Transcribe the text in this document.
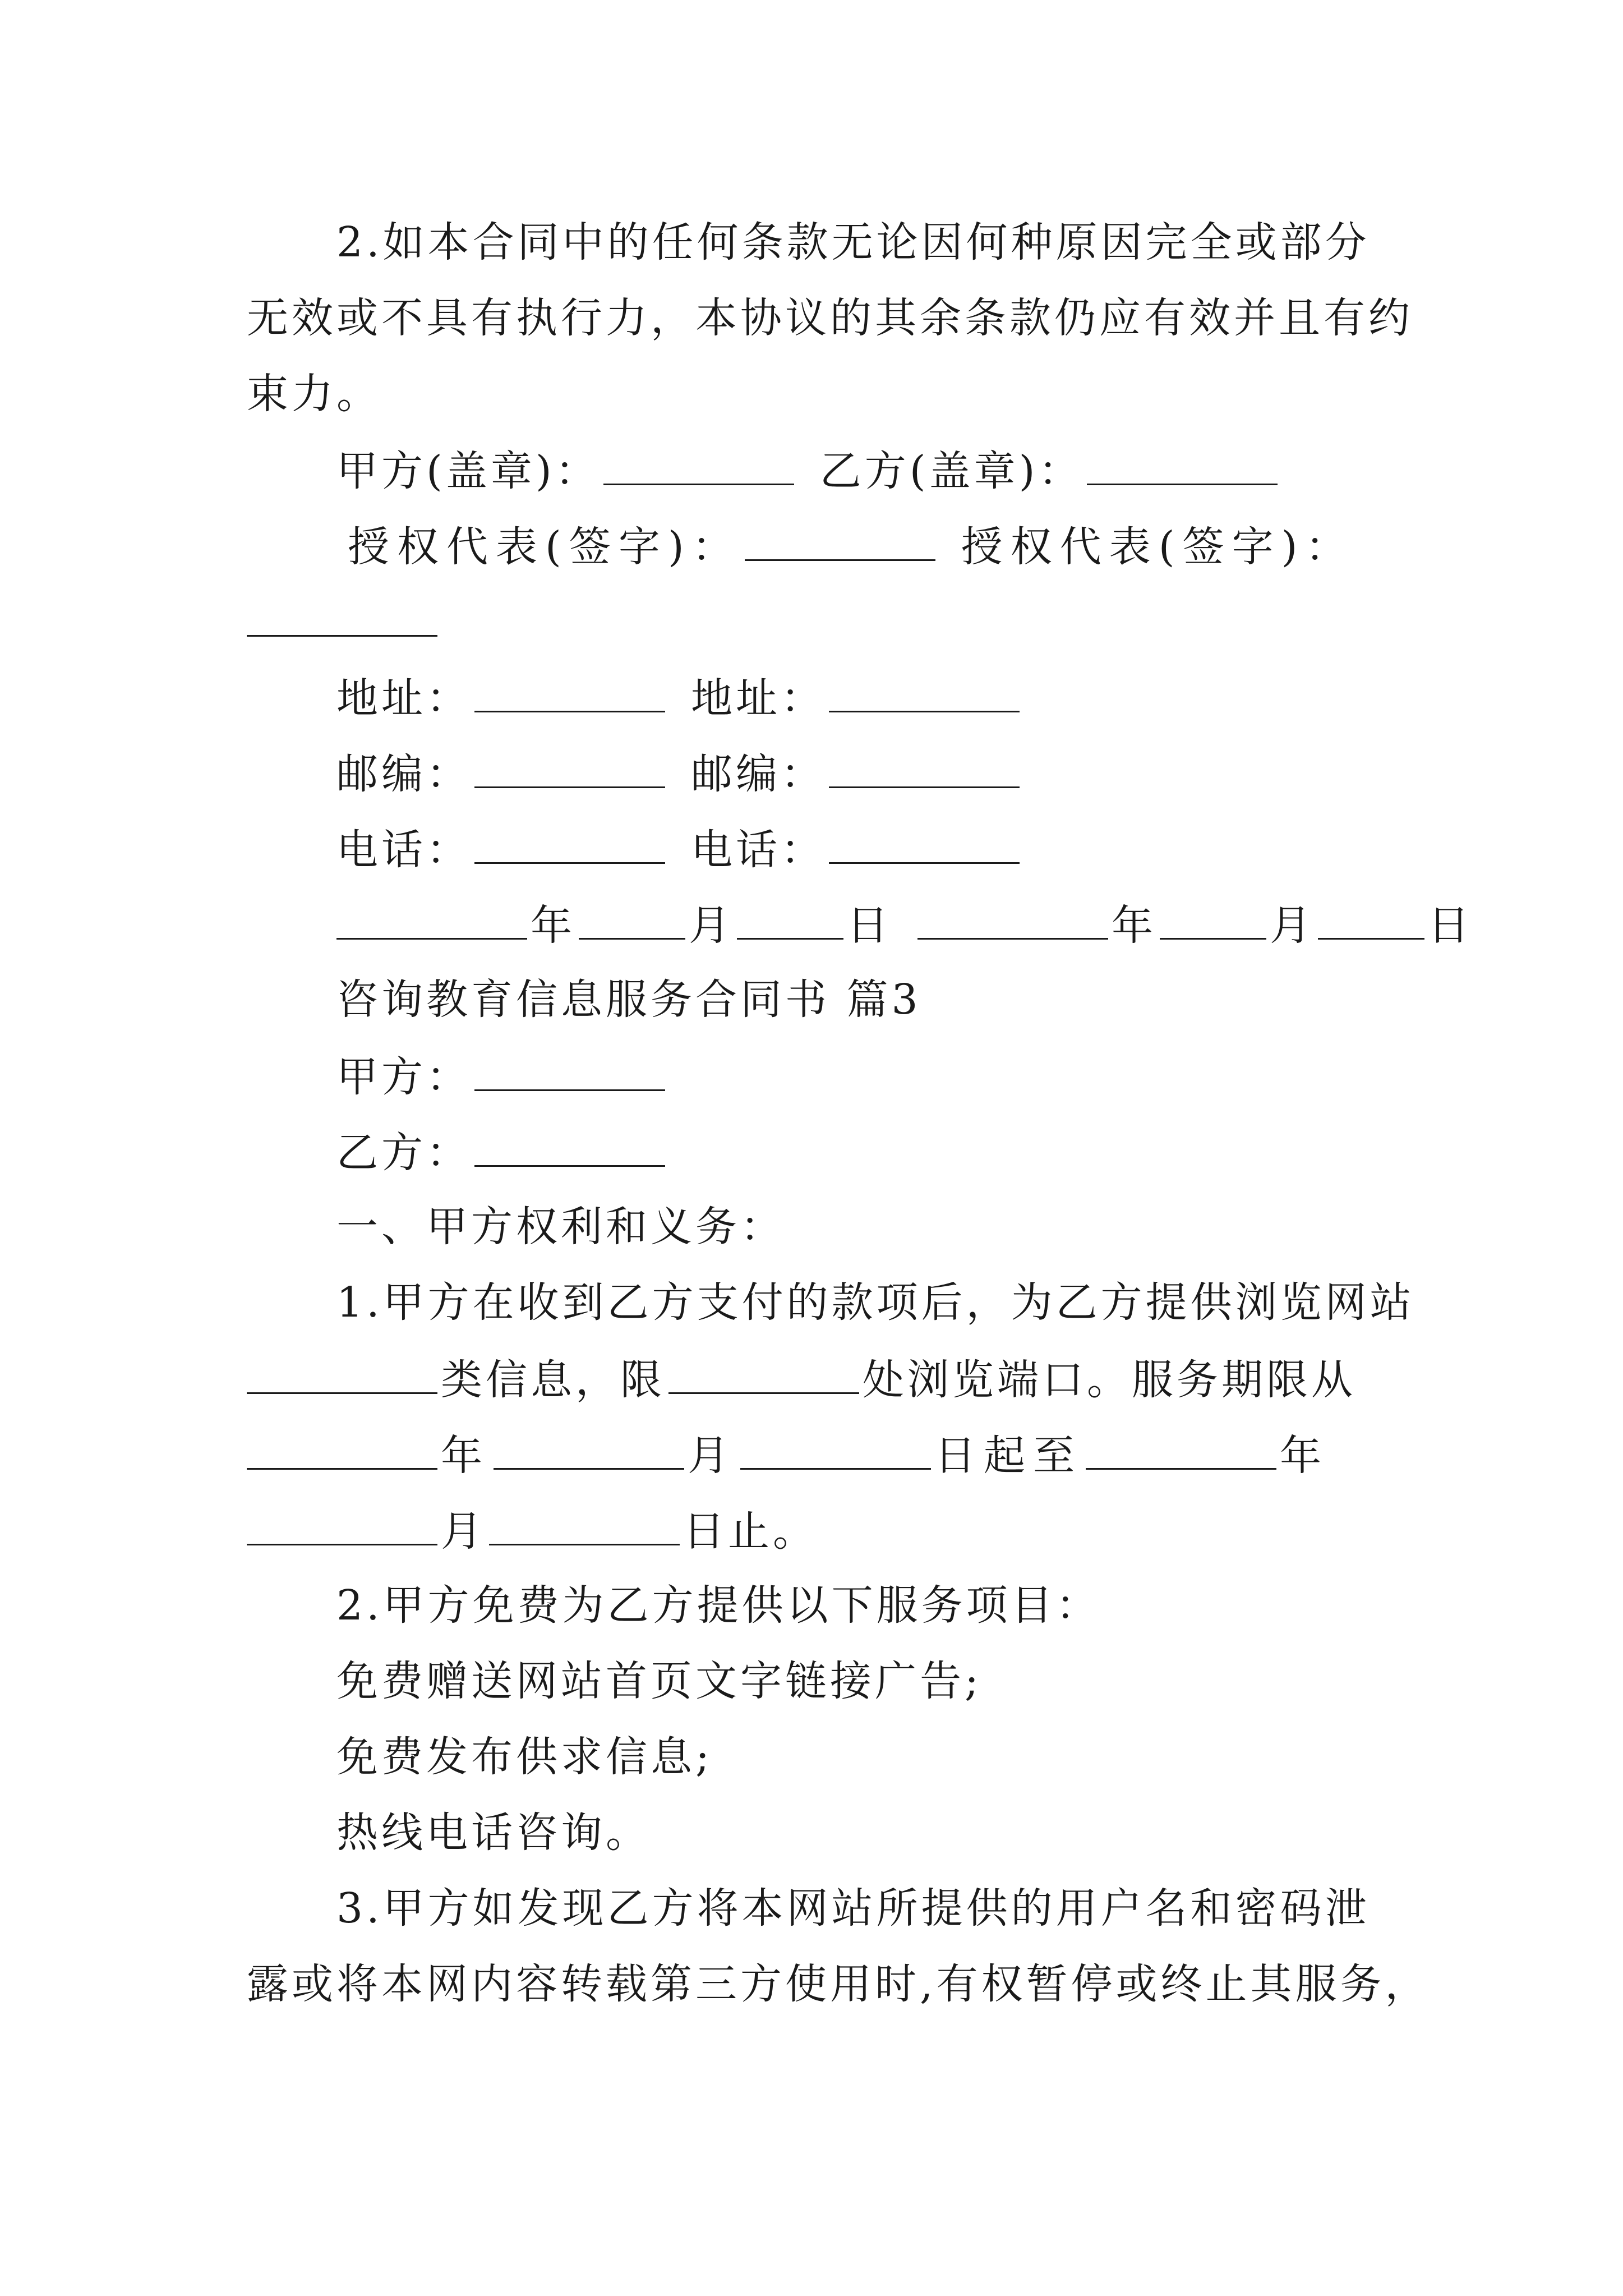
2.如本合同中的任何条款无论因何种原因完全或部分
无效或不具有执行力，本协议的其余条款仍应有效并且有约
束力。
甲方(盖章)：	乙方(盖章)：
授权代表(签字)：	授权代表(签字)：
地址：	地址：
邮编：	邮编：
电话：	电话：
年	月	日	年	月	日
咨询教育信息服务合同书 篇3
甲方：
乙方：
一、甲方权利和义务：
1.甲方在收到乙方支付的款项后，为乙方提供浏览网站
类信息，限	处浏览端口。服务期限从
年	月	日起至	年
月	日止。
2.甲方免费为乙方提供以下服务项目：
免费赠送网站首页文字链接广告;
免费发布供求信息;
热线电话咨询。
3.甲方如发现乙方将本网站所提供的用户名和密码泄
露或将本网内容转载第三方使用时,有权暂停或终止其服务，
